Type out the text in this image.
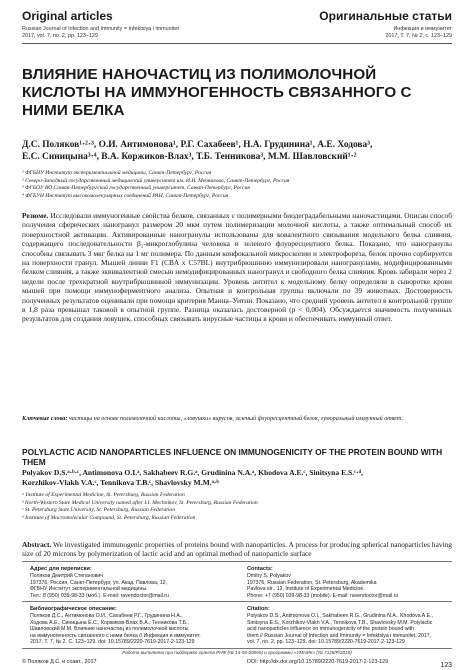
Original articles	Оригинальные статьи
Russian Journal of Infection and Immunity = Infektsiya i immunitet
2017, vol. 7, no. 2, pp. 123–129
Инфекция и иммунитет
2017, Т. 7, № 2, с. 123–129
ВЛИЯНИЕ НАНОЧАСТИЦ ИЗ ПОЛИМОЛОЧНОЙ КИСЛОТЫ НА ИММУНОГЕННОСТЬ СВЯЗАННОГО С НИМИ БЕЛКА
Д.С. Поляков¹·²·³, О.И. Антимонова¹, Р.Г. Сахабеев¹, Н.А. Грудинина¹, А.Е. Ходова³,
Е.С. Синицына³·⁴, В.А. Коржиков-Влах³, Т.Б. Тенникова³, М.М. Шавловский¹·²
¹ ФГБНУ Институт экспериментальной медицины, Санкт-Петербург, Россия
² Северо-Западный государственный медицинский университет им. И.И. Мечникова, Санкт-Петербург, Россия
³ ФГБОУ ВО Санкт-Петербургский государственный университет, Санкт-Петербург, Россия
⁴ ФГБУН Институт высокомолекулярных соединений РАН, Санкт-Петербург, Россия
Резюме. Исследовали иммуногенные свойства белков, связанных с полимерными биодеградабельными наночастицами. Описан способ получения сферических наногранул размером 20 мкм путем полимеризации молочной кислоты, а также оптимальный способ их поверхностной активации. Активированные наногранулы использованы для ковалентного связывания модельного белка слияния, содержащего последовательности β₂-микроглобулина человека и зеленого флуоресцентного белка. Показано, что наногранулы способны связывать 3 мкг белка на 1 мг полимера. По данным конфокальной микроскопии и электрофореза, белок прочно сорбируется на поверхности гранул. Мышей линии F1 (CBA x C57BL) внутрибрюшинно иммунизировали наногранулами, модифицированными белком слияния, а также эквивалентной смесью немодифицированных наногранул и свободного белка слияния. Кровь забирали через 2 недели после трехкратной внутрибрюшинной иммунизации. Уровень антител к модельному белку определяли в сыворотке крови мышей при помощи иммуноферментного анализа. Опытная и контрольная группы включали по 39 животных. Достоверность полученных результатов оценивали при помощи критерия Манна–Уитни. Показано, что средний уровень антител в контрольной группе в 1,8 раза превышал таковой в опытной группе. Разница оказалась достоверной (p < 0,004). Обсуждается значимость полученных результатов для создания ловушек, способных связывать вирусные частицы в крови и обеспечивать иммунный ответ.
Ключевые слова: частицы на основе полимолочной кислоты, «ловушки» вирусов, зеленый флуоресцентный белок, гуморальный иммунный ответ.
POLYLACTIC ACID NANOPARTICLES INFLUENCE ON IMMUNOGENICITY OF THE PROTEIN BOUND WITH THEM
Polyakov D.S.ᵃ·ᵇ·ᶜ, Antimonova O.I.ᵃ, Sakhabeev R.G.ᵃ, Grudinina N.A.ᵃ, Khodova A.E.ᶜ, Sinitsyna E.S.ᶜ·ᵈ,
Korzhikov-Vlakh V.A.ᶜ, Tennikova T.B.ᶜ, Shavlovsky M.M.ᵃ·ᵇ
ᵃ Institute of Experimental Medicine, St. Petersburg, Russian Federation
ᵇ North-Western State Medical University named after I.I. Mechnikov, St. Petersburg, Russian Federation
ᶜ St. Petersburg State University, St. Petersburg, Russian Federation
ᵈ Institute of Macromolecular Compound, St. Petersburg, Russian Federation
Abstract. We investigated immunogenic properties of proteins bound with nanoparticles. A process for producing spherical nanoparticles having size of 20 microns by polymerization of lactic acid and an optimal method of nanoparticle surface
Адрес для переписки:
Поляков Дмитрий Степанович
197376, Россия, Санкт-Петербург, ул. Акад. Павлова, 12,
ФГБНУ Институт экспериментальной медицины.
Тел.: 8 (950) 039-98-33 (моб.). E-mail: ravendoctor@mail.ru
Contacts:
Dmitry S. Polyakov
197376, Russian Federation, St. Petersburg, Akademika
Pavlova str., 12, Institute of Experimental Medicine.
Phone: +7 (950) 039-98-33 (mobile). E-mail: ravendoctor@mail.ru
Библиографическое описание:
Поляков Д.С., Антимонова О.И., Сахабеев Р.Г., Грудинина Н.А.,
Ходова А.Е., Синицына Е.С., Коржиков-Влах В.А., Тенникова Т.Б.,
Шавловский М.М. Влияние наночастиц из полимолочной кислоты
на иммуногенность связанного с ними белка // Инфекция и иммунитет.
2017. Т. 7, № 2. С. 123–129. doi: 10.15789/2220-7619-2017-2-123-129
Citation:
Polyakov D.S., Antimonova O.I., Sakhabeev R.G., Grudinina N.A., Khodova A.E.,
Sinitsyna E.S., Korzhikov-Vlakh V.A., Tennikova T.B., Shavlovsky M.M. Polylactic
acid nanoparticles influence on immunogenicity of the protein bound with
them // Russian Journal of Infection and Immunity = Infektsiya i immunitet, 2017,
vol. 7, no. 2, pp. 123–129. doi: 10.15789/2220-7619-2017-2-123-129
Работа выполнена при поддержке гранта РНФ (№ 14-50-00069) и программы «УМНИК» (№ 7128/Р/2015)
© Поляков Д.С. и соавт., 2017	DOI: http://dx.doi.org/10.15789/2220-7619-2017-2-123-129	123
